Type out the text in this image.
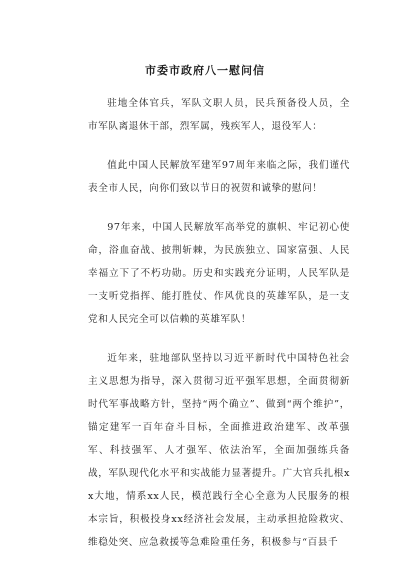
市委市政府八一慰问信

驻地全体官兵，军队文职人员，民兵预备役人员，全市军队离退休干部，烈军属，残疾军人，退役军人：

值此中国人民解放军建军97周年来临之际，我们谨代表全市人民，向你们致以节日的祝贺和诚挚的慰问！

97年来，中国人民解放军高举党的旗帜、牢记初心使命，浴血奋战、披荆斩棘，为民族独立、国家富强、人民幸福立下了不朽功勋。历史和实践充分证明，人民军队是一支听党指挥、能打胜仗、作风优良的英雄军队，是一支党和人民完全可以信赖的英雄军队！

近年来，驻地部队坚持以习近平新时代中国特色社会主义思想为指导，深入贯彻习近平强军思想，全面贯彻新时代军事战略方针，坚持“两个确立”、做到“两个维护”，锚定建军一百年奋斗目标，全面推进政治建军、改革强军、科技强军、人才强军、依法治军，全面加强练兵备战，军队现代化水平和实战能力显著提升。广大官兵扎根xx大地，情系xx人民，模范践行全心全意为人民服务的根本宗旨，积极投身xx经济社会发展，主动承担抢险救灾、维稳处突、应急救援等急难险重任务，积极参与“百县千
